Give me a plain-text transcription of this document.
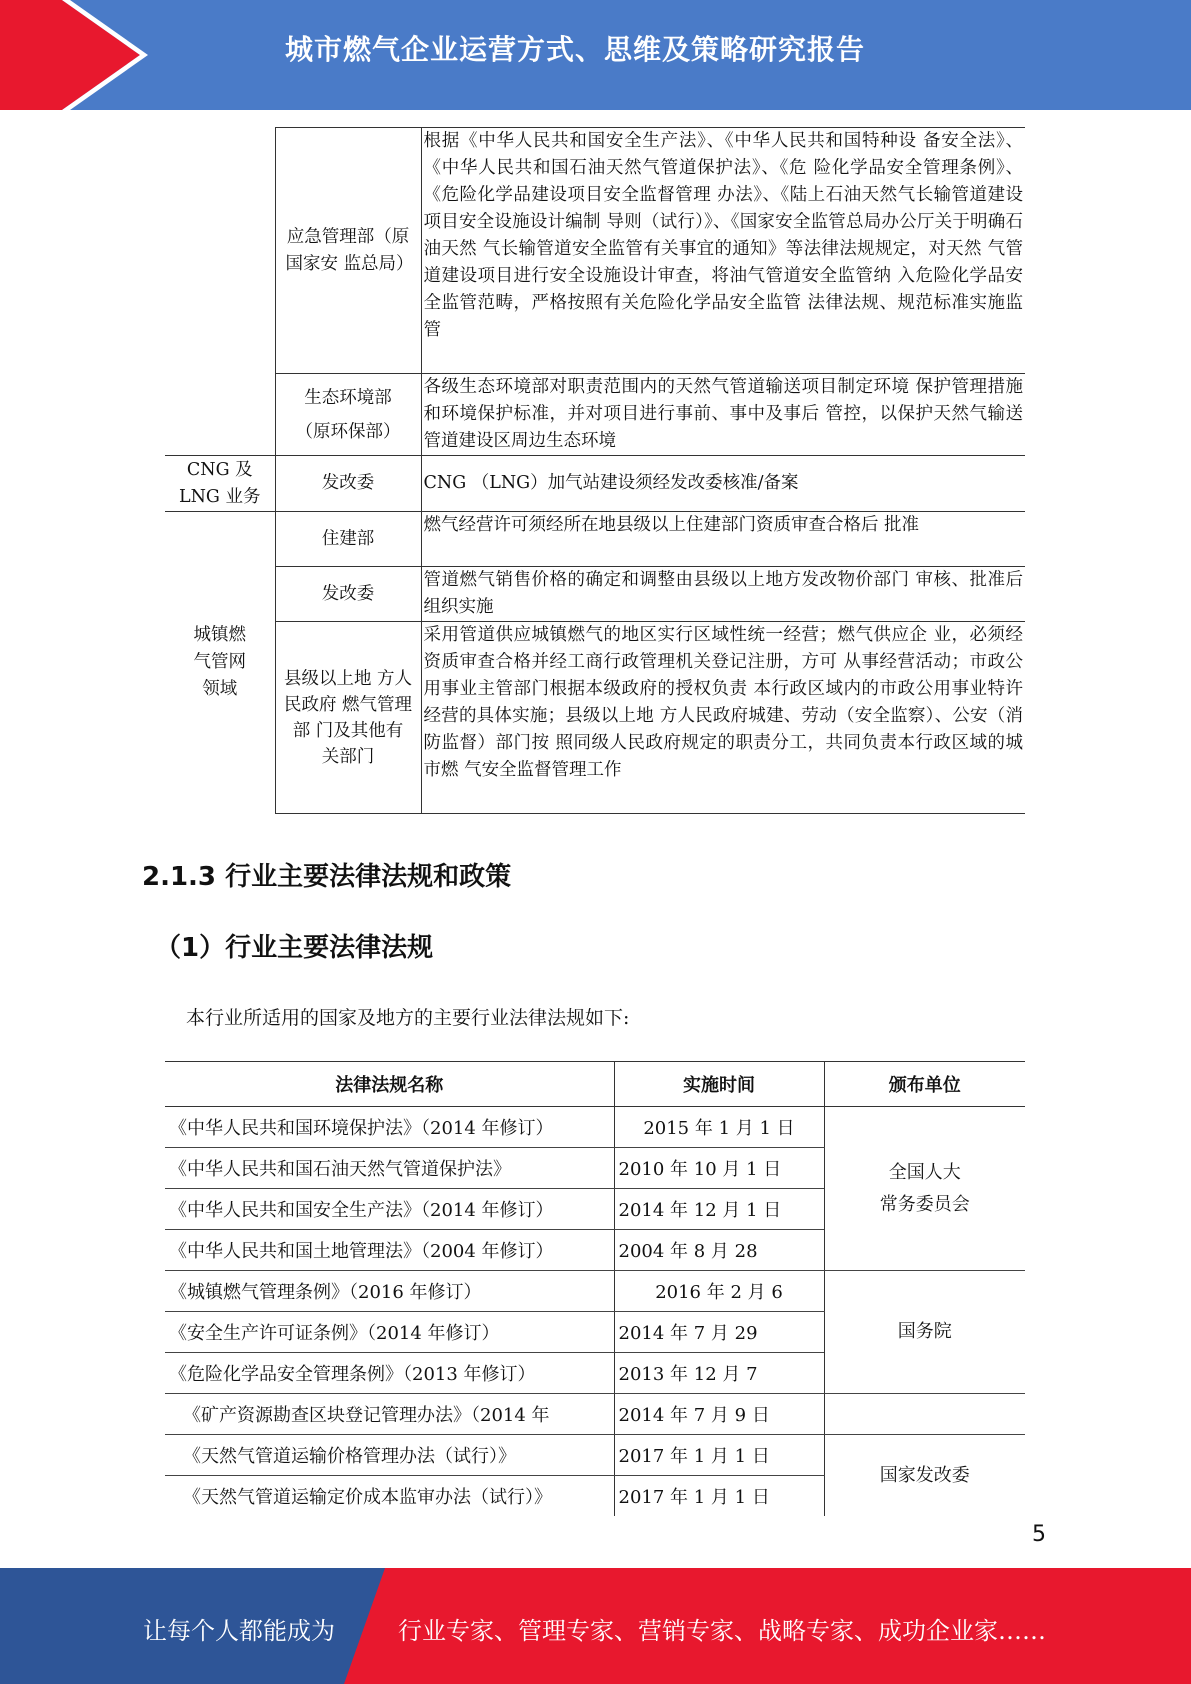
城市燃气企业运营方式、思维及策略研究报告
	应急管理部（原国家安 监总局）	根据《中华人民共和国安全生产法》、《中华人民共和国特种设 备安全法》、《中华人民共和国石油天然气管道保护法》、《危 险化学品安全管理条例》、《危险化学品建设项目安全监督管理 办法》、《陆上石油天然气长输管道建设项目安全设施设计编制 导则（试行）》、《国家安全监管总局办公厅关于明确石油天然 气长输管道安全监管有关事宜的通知》等法律法规规定，对天然 气管道建设项目进行安全设施设计审查，将油气管道安全监管纳 入危险化学品安全监管范畴，严格按照有关危险化学品安全监管 法律法规、规范标准实施监管
	生态环境部（原环保部）	各级生态环境部对职责范围内的天然气管道输送项目制定环境 保护管理措施和环境保护标准，并对项目进行事前、事中及事后 管控，以保护天然气输送管道建设区周边生态环境
CNG 及 LNG 业务	发改委	CNG （LNG）加气站建设须经发改委核准/备案
城镇燃气管网领域	住建部	燃气经营许可须经所在地县级以上住建部门资质审查合格后 批准
	发改委	管道燃气销售价格的确定和调整由县级以上地方发改物价部门 审核、批准后组织实施
	县级以上地 方人民政府 燃气管理部 门及其他有 关部门	采用管道供应城镇燃气的地区实行区域性统一经营；燃气供应企 业，必须经资质审查合格并经工商行政管理机关登记注册，方可 从事经营活动；市政公用事业主管部门根据本级政府的授权负责 本行政区域内的市政公用事业特许经营的具体实施；县级以上地 方人民政府城建、劳动（安全监察）、公安（消防监督）部门按 照同级人民政府规定的职责分工，共同负责本行政区域的城市燃 气安全监督管理工作
2.1.3 行业主要法律法规和政策
（1）行业主要法律法规
本行业所适用的国家及地方的主要行业法律法规如下:
法律法规名称	实施时间	颁布单位
《中华人民共和国环境保护法》（2014 年修订）	2015 年 1 月 1 日	全国人大
常务委员会

《中华人民共和国石油天然气管道保护法》	2010 年 10 月 1 日	
《中华人民共和国安全生产法》（2014 年修订）	2014 年 12 月 1 日	
《中华人民共和国土地管理法》（2004 年修订）	2004 年 8 月 28	
《城镇燃气管理条例》（2016 年修订）	2016 年 2 月 6	国务院
《安全生产许可证条例》（2014 年修订）	2014 年 7 月 29	
《危险化学品安全管理条例》（2013 年修订）	2013 年 12 月 7	
《矿产资源勘查区块登记管理办法》（2014 年	2014 年 7 月 9 日	
《天然气管道运输价格管理办法（试行）》	2017 年 1 月 1 日	国家发改委
《天然气管道运输定价成本监审办法（试行）》	2017 年 1 月 1 日	
5
让每个人都能成为	行业专家、管理专家、营销专家、战略专家、成功企业家……
